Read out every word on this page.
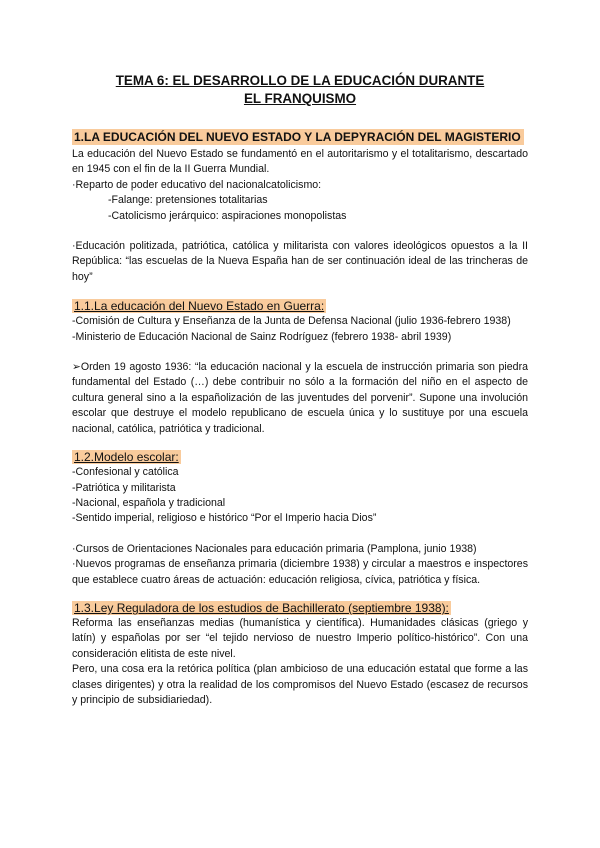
TEMA 6: EL DESARROLLO DE LA EDUCACIÓN DURANTE
EL FRANQUISMO
1.LA EDUCACIÓN DEL NUEVO ESTADO Y LA DEPYRACIÓN DEL MAGISTERIO

La educación del Nuevo Estado se fundamentó en el autoritarismo y el totalitarismo, descartado en 1945 con el fin de la II Guerra Mundial.

·Reparto de poder educativo del nacionalcatolicismo:

-Falange: pretensiones totalitarias

-Catolicismo jerárquico: aspiraciones monopolistas

·Educación politizada, patriótica, católica y militarista con valores ideológicos opuestos a la II República: “las escuelas de la Nueva España han de ser continuación ideal de las trincheras de hoy”

1.1.La educación del Nuevo Estado en Guerra:

-Comisión de Cultura y Enseñanza de la Junta de Defensa Nacional (julio 1936-febrero 1938)

-Ministerio de Educación Nacional de Sainz Rodríguez (febrero 1938- abril 1939)

➢Orden 19 agosto 1936: “la educación nacional y la escuela de instrucción primaria son piedra fundamental del Estado (…) debe contribuir no sólo a la formación del niño en el aspecto de cultura general sino a la españolización de las juventudes del porvenir”. Supone una involución escolar que destruye el modelo republicano de escuela única y lo sustituye por una escuela nacional, católica, patriótica y tradicional.

1.2.Modelo escolar:

-Confesional y católica

-Patriótica y militarista

-Nacional, española y tradicional

-Sentido imperial, religioso e histórico “Por el Imperio hacia Dios”

·Cursos de Orientaciones Nacionales para educación primaria (Pamplona, junio 1938)

·Nuevos programas de enseñanza primaria (diciembre 1938) y circular a maestros e inspectores que establece cuatro áreas de actuación: educación religiosa, cívica, patriótica y física.

1.3.Ley Reguladora de los estudios de Bachillerato (septiembre 1938):

Reforma las enseñanzas medias (humanística y científica). Humanidades clásicas (griego y latín) y españolas por ser “el tejido nervioso de nuestro Imperio político-histórico”. Con una consideración elitista de este nivel.

Pero, una cosa era la retórica política (plan ambicioso de una educación estatal que forme a las clases dirigentes) y otra la realidad de los compromisos del Nuevo Estado (escasez de recursos y principio de subsidiariedad).
